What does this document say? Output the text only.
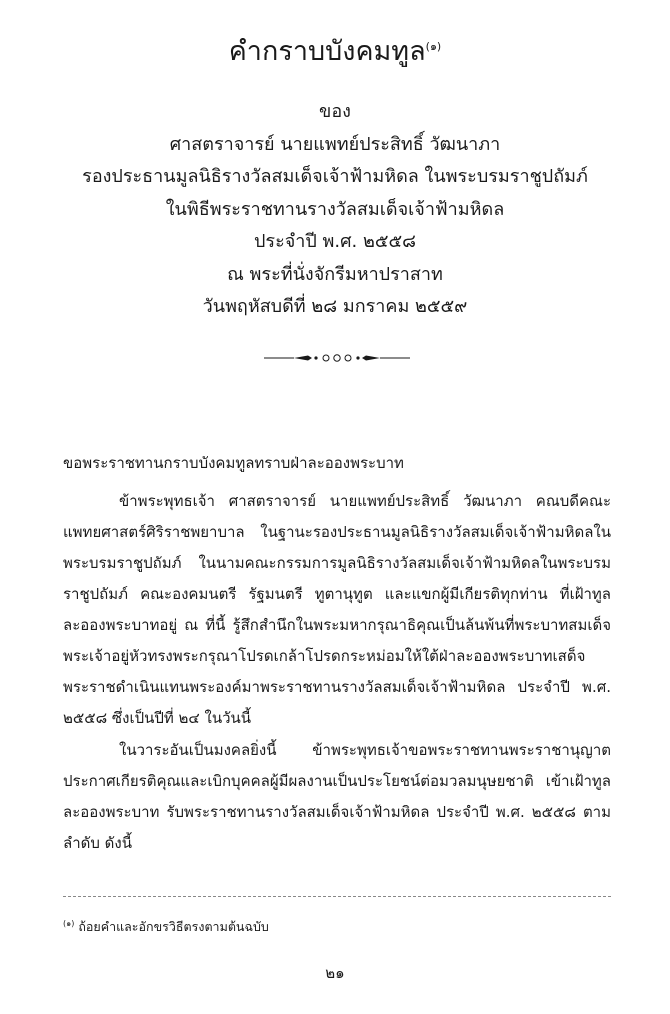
คำกราบบังคมทูล$^{(๑)}$
ของ
ศาสตราจารย์ นายแพทย์ประสิทธิ์ วัฒนาภา
รองประธานมูลนิธิรางวัลสมเด็จเจ้าฟ้ามหิดล ในพระบรมราชูปถัมภ์
ในพิธีพระราชทานรางวัลสมเด็จเจ้าฟ้ามหิดล
ประจำปี พ.ศ. ๒๕๕๘
ณ พระที่นั่งจักรีมหาปราสาท
วันพฤหัสบดีที่ ๒๘ มกราคม ๒๕๕๙
ขอพระราชทานกราบบังคมทูลทราบฝ่าละอองพระบาท
ข้าพระพุทธเจ้า ศาสตราจารย์ นายแพทย์ประสิทธิ์ วัฒนาภา คณบดีคณะแพทยศาสตร์ศิริราชพยาบาล ในฐานะรองประธานมูลนิธิรางวัลสมเด็จเจ้าฟ้ามหิดลในพระบรมราชูปถัมภ์ ในนามคณะกรรมการมูลนิธิรางวัลสมเด็จเจ้าฟ้ามหิดลในพระบรมราชูปถัมภ์ คณะองคมนตรี รัฐมนตรี ทูตานุทูต และแขกผู้มีเกียรติทุกท่าน ที่เฝ้าทูลละอองพระบาทอยู่ ณ ที่นี้ รู้สึกสำนึกในพระมหากรุณาธิคุณเป็นล้นพ้นที่พระบาทสมเด็จพระเจ้าอยู่หัวทรงพระกรุณาโปรดเกล้าโปรดกระหม่อมให้ใต้ฝ่าละอองพระบาทเสด็จพระราชดำเนินแทนพระองค์มาพระราชทานรางวัลสมเด็จเจ้าฟ้ามหิดล ประจำปี พ.ศ. ๒๕๕๘ ซึ่งเป็นปีที่ ๒๔ ในวันนี้
ในวาระอันเป็นมงคลยิ่งนี้ ข้าพระพุทธเจ้าขอพระราชทานพระราชานุญาตประกาศเกียรติคุณและเบิกบุคคลผู้มีผลงานเป็นประโยชน์ต่อมวลมนุษยชาติ เข้าเฝ้าทูลละอองพระบาท รับพระราชทานรางวัลสมเด็จเจ้าฟ้ามหิดล ประจำปี พ.ศ. ๒๕๕๘ ตามลำดับ ดังนี้
$^{(๑)}$ ถ้อยคำและอักขรวิธีตรงตามต้นฉบับ
๒๑
